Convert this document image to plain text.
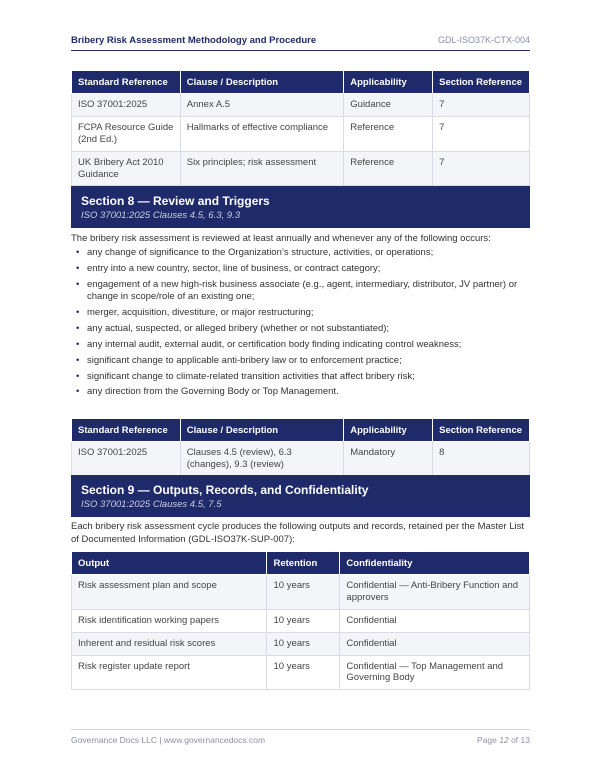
Bribery Risk Assessment Methodology and Procedure	GDL-ISO37K-CTX-004
Standard Reference	Clause / Description	Applicability	Section Reference
ISO 37001:2025	Annex A.5	Guidance	7
FCPA Resource Guide (2nd Ed.)	Hallmarks of effective compliance	Reference	7
UK Bribery Act 2010 Guidance	Six principles; risk assessment	Reference	7
Section 8 — Review and Triggers
ISO 37001:2025 Clauses 4.5, 6.3, 9.3
The bribery risk assessment is reviewed at least annually and whenever any of the following occurs:
• any change of significance to the Organization’s structure, activities, or operations;
• entry into a new country, sector, line of business, or contract category;
• engagement of a new high-risk business associate (e.g., agent, intermediary, distributor, JV partner) or change in scope/role of an existing one;
• merger, acquisition, divestiture, or major restructuring;
• any actual, suspected, or alleged bribery (whether or not substantiated);
• any internal audit, external audit, or certification body finding indicating control weakness;
• significant change to applicable anti-bribery law or to enforcement practice;
• significant change to climate-related transition activities that affect bribery risk;
• any direction from the Governing Body or Top Management.
Standard Reference	Clause / Description	Applicability	Section Reference
ISO 37001:2025	Clauses 4.5 (review), 6.3 (changes), 9.3 (review)	Mandatory	8
Section 9 — Outputs, Records, and Confidentiality
ISO 37001:2025 Clauses 4.5, 7.5
Each bribery risk assessment cycle produces the following outputs and records, retained per the Master List of Documented Information (GDL-ISO37K-SUP-007):
Output	Retention	Confidentiality
Risk assessment plan and scope	10 years	Confidential — Anti-Bribery Function and approvers
Risk identification working papers	10 years	Confidential
Inherent and residual risk scores	10 years	Confidential
Risk register update report	10 years	Confidential — Top Management and Governing Body
Governance Docs LLC | www.governancedocs.com	Page 12 of 13
